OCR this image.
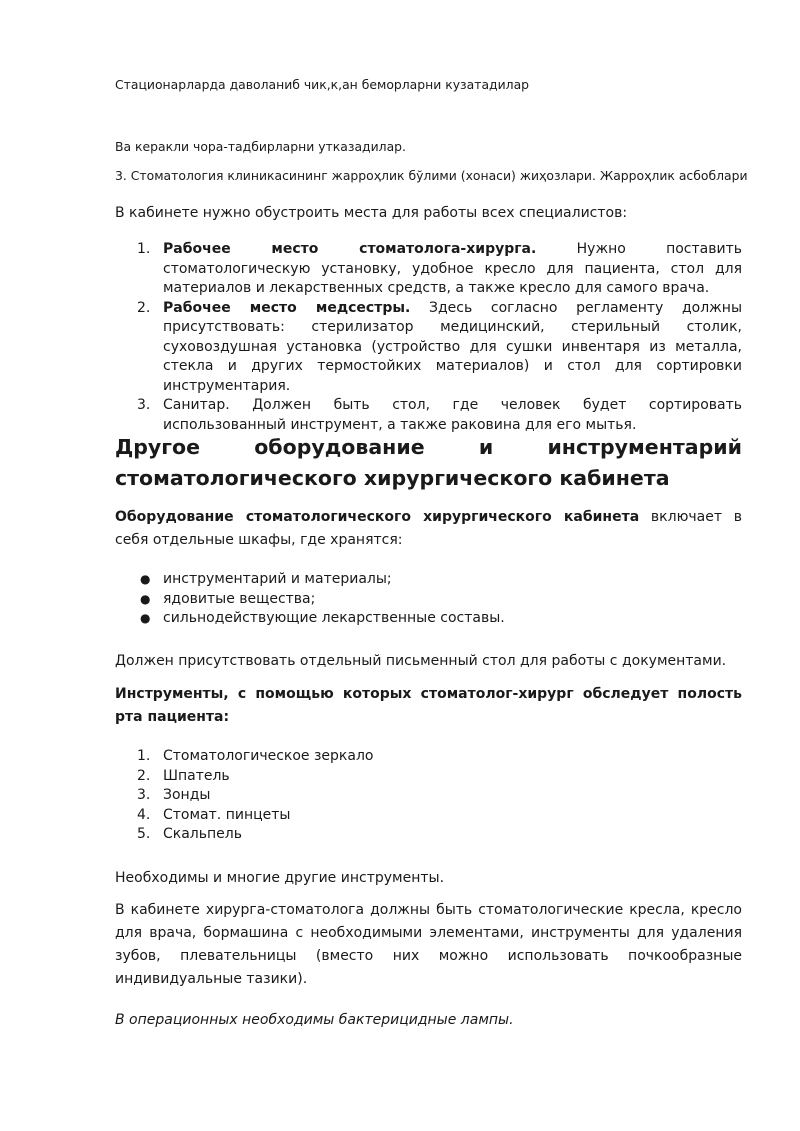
Стационарларда даволаниб чик,к,ан беморларни кузатадилар

Ва керакли чора-тадбирларни утказадилар.

3. Стоматология клиникасининг жарроҳлик бўлими (хонаси) жиҳозлари. Жарроҳлик асбоблари

В кабинете нужно обустроить места для работы всех специалистов:

1. Рабочее место стоматолога-хирурга. Нужно поставить стоматологическую установку, удобное кресло для пациента, стол для материалов и лекарственных средств, а также кресло для самого врача.
2. Рабочее место медсестры. Здесь согласно регламенту должны присутствовать: стерилизатор медицинский, стерильный столик, суховоздушная установка (устройство для сушки инвентаря из металла, стекла и других термостойких материалов) и стол для сортировки инструментария.
3. Санитар. Должен быть стол, где человек будет сортировать использованный инструмент, а также раковина для его мытья.
Другое	оборудование	и	инструментарий
стоматологического хирургического кабинета

Оборудование стоматологического хирургического кабинета включает в себя отдельные шкафы, где хранятся:

● инструментарий и материалы;
● ядовитые вещества;
● сильнодействующие лекарственные составы.

Должен присутствовать отдельный письменный стол для работы с документами.

Инструменты, с помощью которых стоматолог-хирург обследует полость рта пациента:

1. Стоматологическое зеркало
2. Шпатель
3. Зонды
4. Стомат. пинцеты
5. Скальпель

Необходимы и многие другие инструменты.

В кабинете хирурга-стоматолога должны быть стоматологические кресла, кресло для врача, бормашина с необходимыми элементами, инструменты для удаления зубов, плевательницы (вместо них можно использовать почкообразные индивидуальные тазики).

В операционных необходимы бактерицидные лампы.
